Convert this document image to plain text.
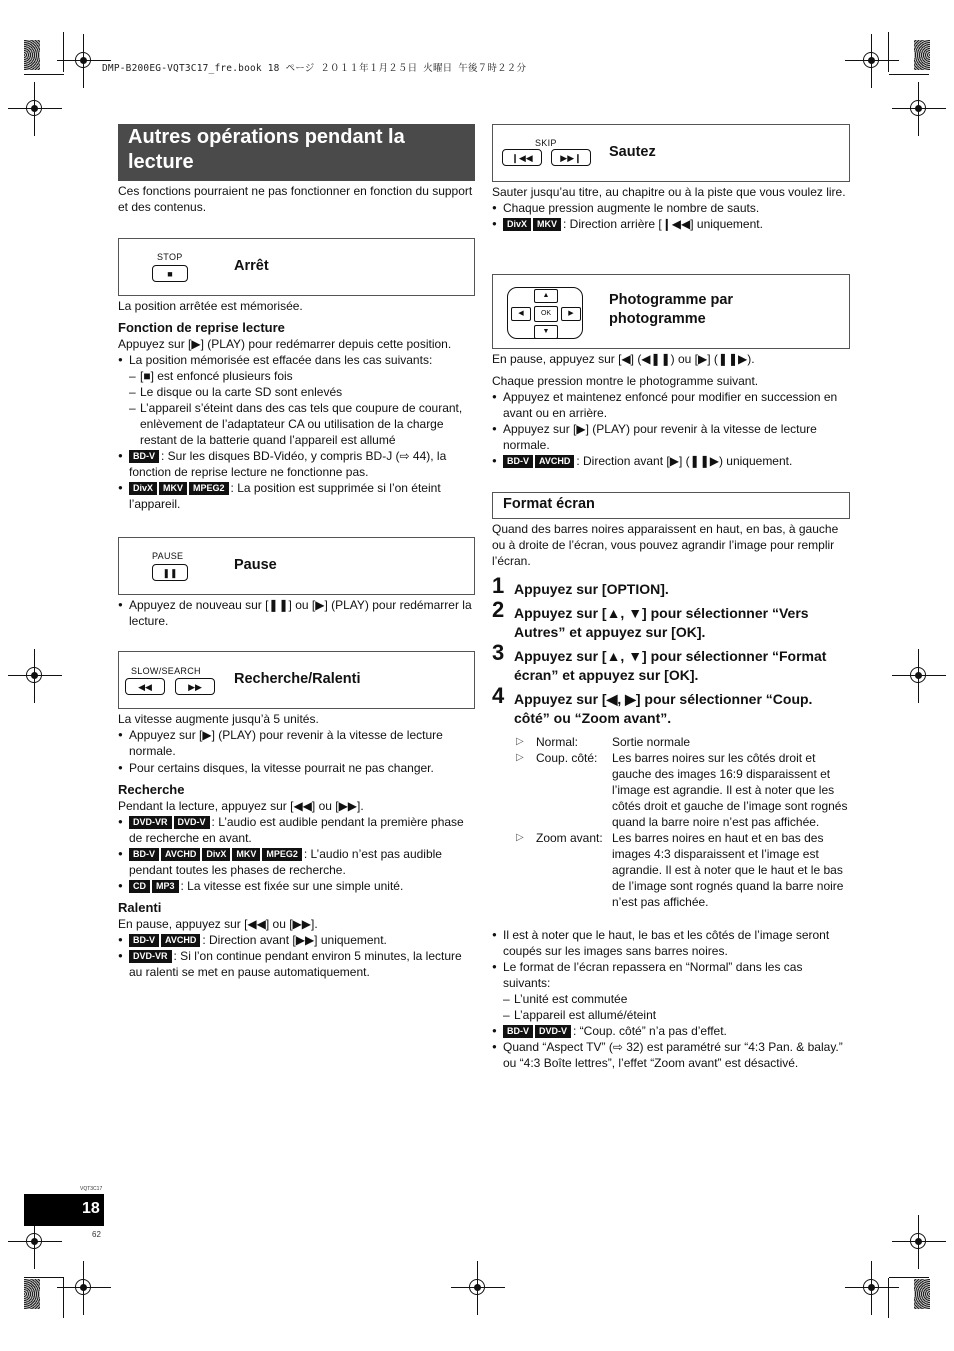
DMP-B200EG-VQT3C17_fre.book 18 ページ ２０１１年１月２５日 火曜日 午後７時２２分
Autres opérations pendant la lecture
Ces fonctions pourraient ne pas fonctionner en fonction du support et des contenus.
STOP
■	Arrêt
La position arrêtée est mémorisée.
Fonction de reprise lecture
Appuyez sur [▶] (PLAY) pour redémarrer depuis cette position.
● La position mémorisée est effacée dans les cas suivants:
– [■] est enfoncé plusieurs fois
– Le disque ou la carte SD sont enlevés
– L’appareil s’éteint dans des cas tels que coupure de courant, enlèvement de l’adaptateur CA ou utilisation de la charge restant de la batterie quand l’appareil est allumé
● BD-V : Sur les disques BD-Vidéo, y compris BD-J (⇨ 44), la fonction de reprise lecture ne fonctionne pas.
● DivX MKV MPEG2 : La position est supprimée si l’on éteint l’appareil.
PAUSE
❚❚	Pause
● Appuyez de nouveau sur [❚❚] ou [▶] (PLAY) pour redémarrer la lecture.
SLOW/SEARCH
◀◀	▶▶ Recherche/Ralenti
La vitesse augmente jusqu’à 5 unités.
● Appuyez sur [▶] (PLAY) pour revenir à la vitesse de lecture normale.
● Pour certains disques, la vitesse pourrait ne pas changer.
Recherche
Pendant la lecture, appuyez sur [◀◀] ou [▶▶].
● DVD-VR DVD-V : L’audio est audible pendant la première phase de recherche en avant.
● BD-V AVCHD DivX MKV MPEG2 : L’audio n’est pas audible pendant toutes les phases de recherche.
● CD MP3 : La vitesse est fixée sur une simple unité.
Ralenti
En pause, appuyez sur [◀◀] ou [▶▶].
● BD-V AVCHD : Direction avant [▶▶] uniquement.
● DVD-VR : Si l’on continue pendant environ 5 minutes, la lecture au ralenti se met en pause automatiquement.
SKIP
❙◀◀	▶▶❙ Sautez
Sauter jusqu’au titre, au chapitre ou à la piste que vous voulez lire.
● Chaque pression augmente le nombre de sauts.
● DivX MKV : Direction arrière [❙◀◀] uniquement.
▲
▼
◀	▶
OK
Photogramme par photogramme
En pause, appuyez sur [◀] (◀❚❚) ou [▶] (❚❚▶).
Chaque pression montre le photogramme suivant.
● Appuyez et maintenez enfoncé pour modifier en succession en avant ou en arrière.
● Appuyez sur [▶] (PLAY) pour revenir à la vitesse de lecture normale.
● BD-V AVCHD : Direction avant [▶] (❚❚▶) uniquement.
Format écran
Quand des barres noires apparaissent en haut, en bas, à gauche ou à droite de l’écran, vous pouvez agrandir l’image pour remplir l’écran.
1 Appuyez sur [OPTION].
2 Appuyez sur [▲, ▼] pour sélectionner “Vers Autres” et appuyez sur [OK].
3 Appuyez sur [▲, ▼] pour sélectionner “Format écran” et appuyez sur [OK].
4 Appuyez sur [◀, ▶] pour sélectionner “Coup. côté” ou “Zoom avant”.
▷	Normal:	Sortie normale
▷	Coup. côté:	Les barres noires sur les côtés droit et gauche des images 16:9 disparaissent et l’image est agrandie. Il est à noter que les côtés droit et gauche de l’image sont rognés quand la barre noire n’est pas affichée.
▷	Zoom avant: Les barres noires en haut et en bas des images 4:3 disparaissent et l’image est agrandie. Il est à noter que le haut et le bas de l’image sont rognés quand la barre noire n’est pas affichée.
● Il est à noter que le haut, le bas et les côtés de l’image seront coupés sur les images sans barres noires.
● Le format de l’écran repassera en “Normal” dans les cas suivants:
– L’unité est commutée
– L’appareil est allumé/éteint
● BD-V DVD-V : “Coup. côté” n’a pas d’effet.
● Quand “Aspect TV” (⇨ 32) est paramétré sur “4:3 Pan. & balay.” ou “4:3 Boîte lettres”, l’effet “Zoom avant” est désactivé.
VQT3C17
18
62
